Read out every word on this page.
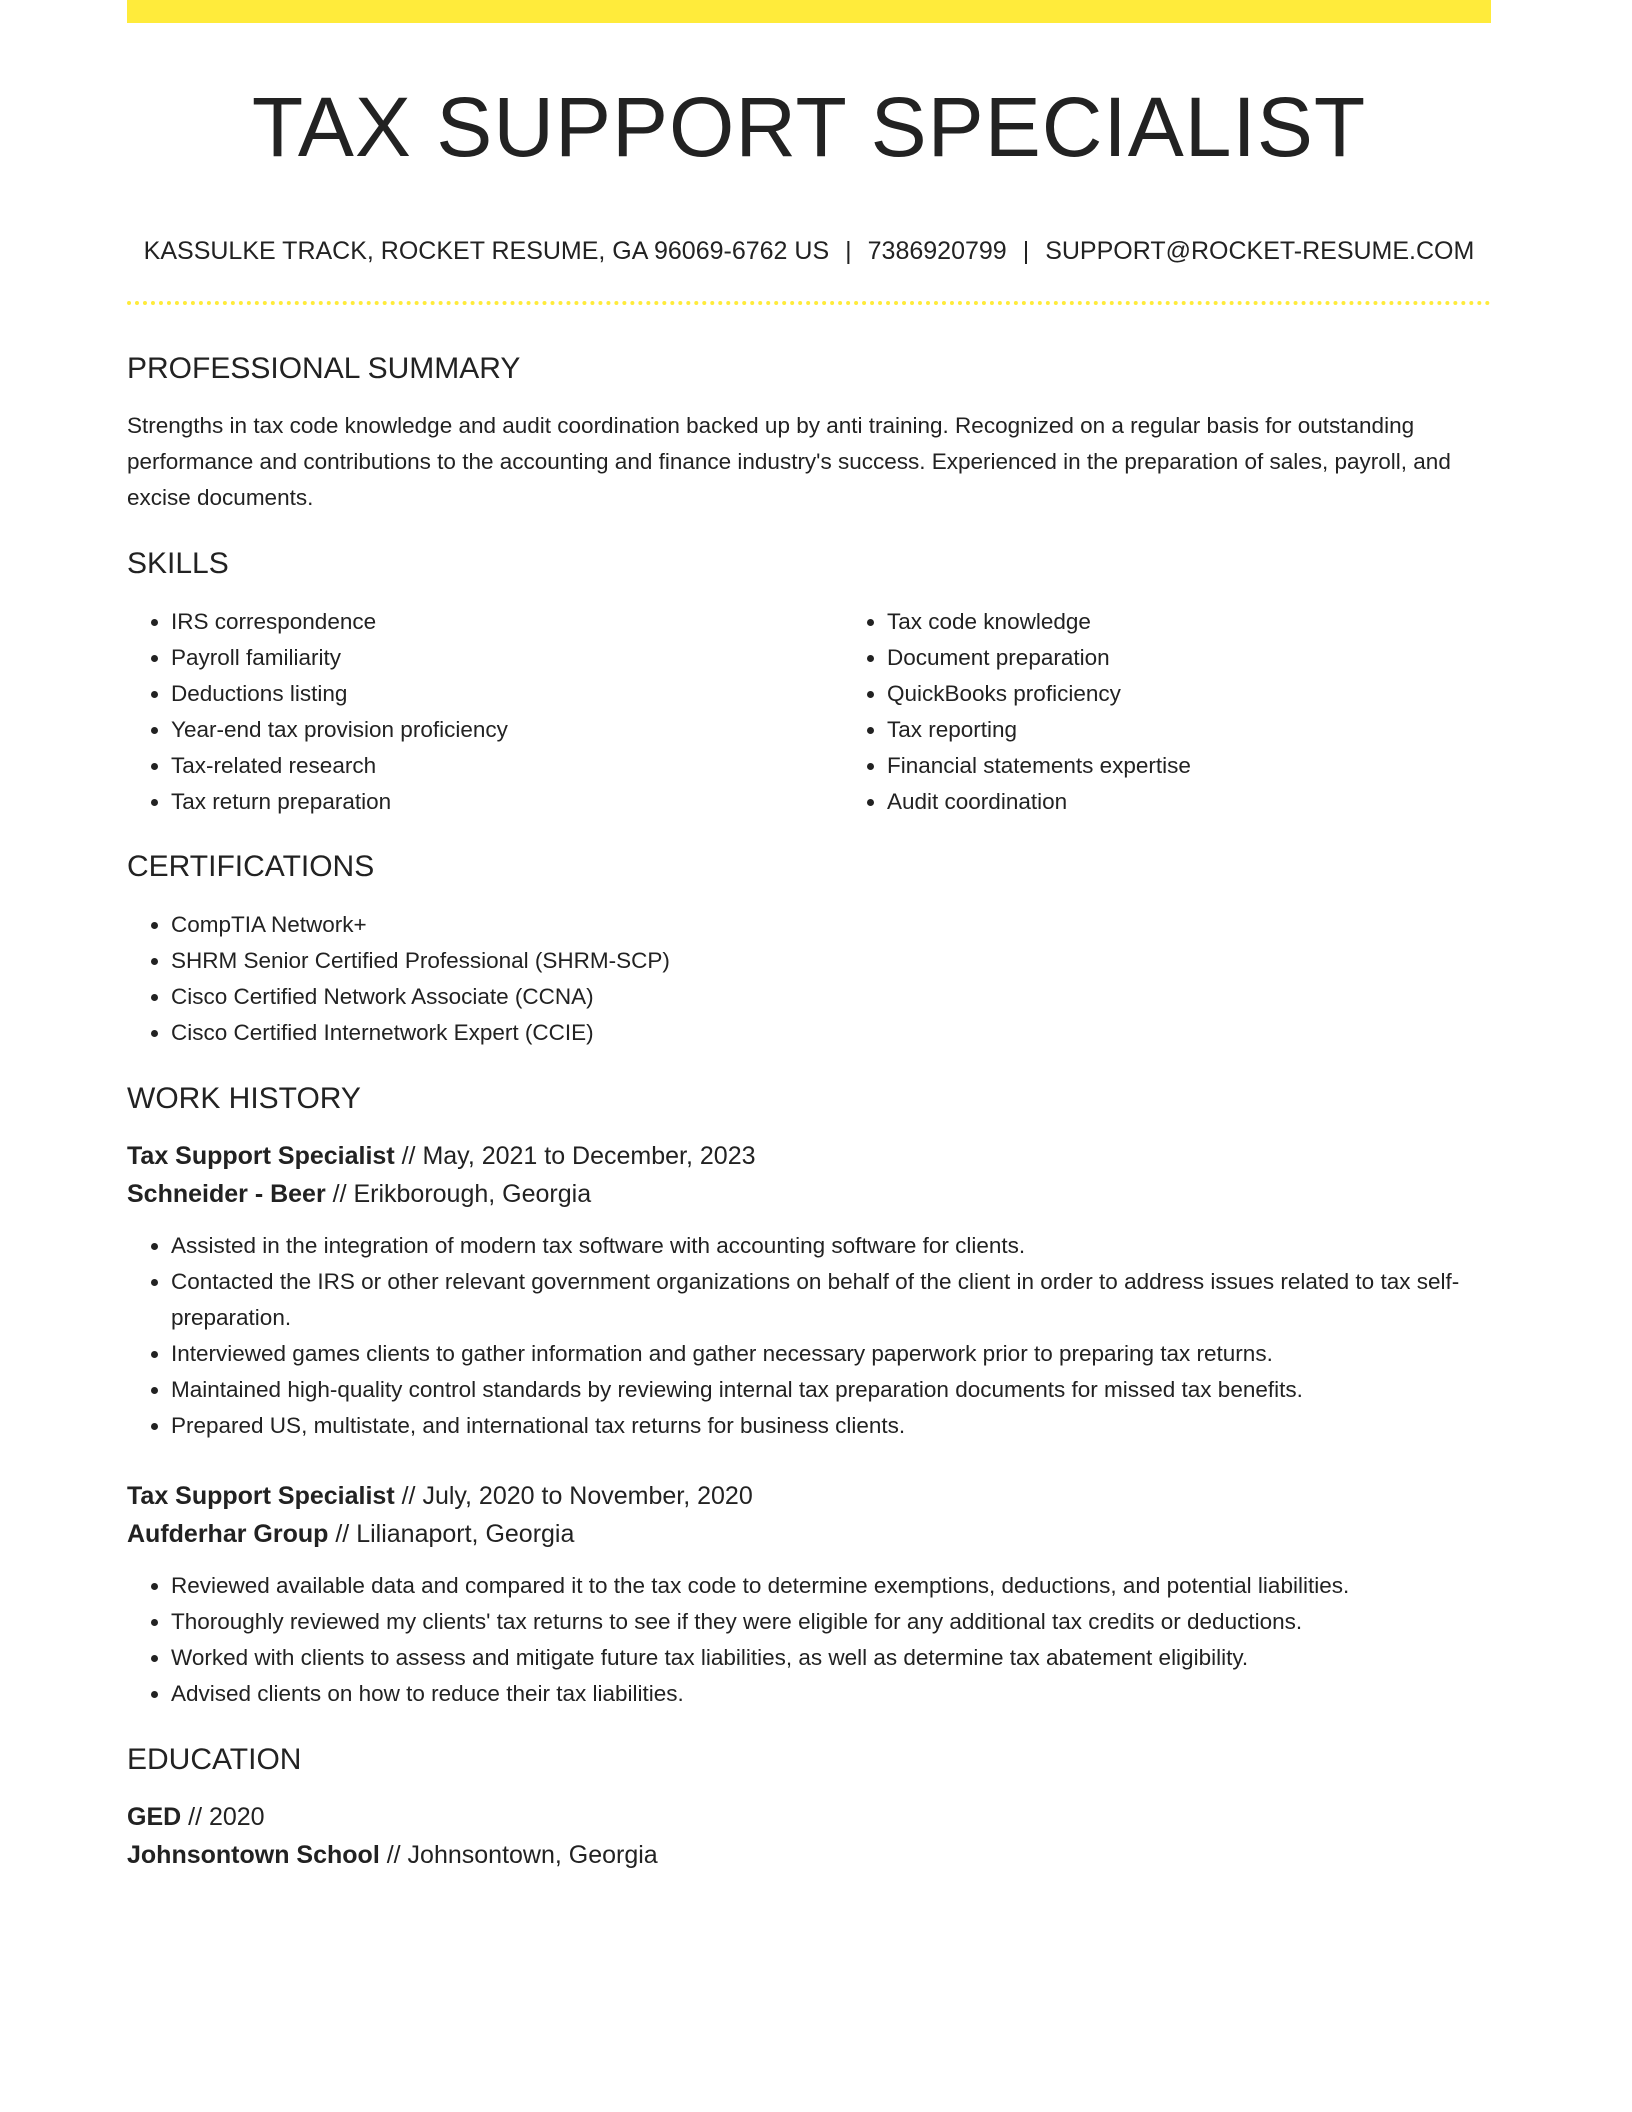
TAX SUPPORT SPECIALIST
KASSULKE TRACK, ROCKET RESUME, GA 96069-6762 US | 7386920799 | SUPPORT@ROCKET-RESUME.COM
PROFESSIONAL SUMMARY

Strengths in tax code knowledge and audit coordination backed up by anti training. Recognized on a regular basis for outstanding performance and contributions to the accounting and finance industry's success. Experienced in the preparation of sales, payroll, and excise documents.

SKILLS
• IRS correspondence
• Payroll familiarity
• Deductions listing
• Year-end tax provision proficiency
• Tax-related research
• Tax return preparation
• Tax code knowledge
• Document preparation
• QuickBooks proficiency
• Tax reporting
• Financial statements expertise
• Audit coordination
CERTIFICATIONS
• CompTIA Network+
• SHRM Senior Certified Professional (SHRM-SCP)
• Cisco Certified Network Associate (CCNA)
• Cisco Certified Internetwork Expert (CCIE)
WORK HISTORY
Tax Support Specialist // May, 2021 to December, 2023
Schneider - Beer // Erikborough, Georgia
• Assisted in the integration of modern tax software with accounting software for clients.
• Contacted the IRS or other relevant government organizations on behalf of the client in order to address issues related to tax self-preparation.
• Interviewed games clients to gather information and gather necessary paperwork prior to preparing tax returns.
• Maintained high-quality control standards by reviewing internal tax preparation documents for missed tax benefits.
• Prepared US, multistate, and international tax returns for business clients.
Tax Support Specialist // July, 2020 to November, 2020
Aufderhar Group // Lilianaport, Georgia
• Reviewed available data and compared it to the tax code to determine exemptions, deductions, and potential liabilities.
• Thoroughly reviewed my clients' tax returns to see if they were eligible for any additional tax credits or deductions.
• Worked with clients to assess and mitigate future tax liabilities, as well as determine tax abatement eligibility.
• Advised clients on how to reduce their tax liabilities.
EDUCATION
GED // 2020
Johnsontown School // Johnsontown, Georgia
